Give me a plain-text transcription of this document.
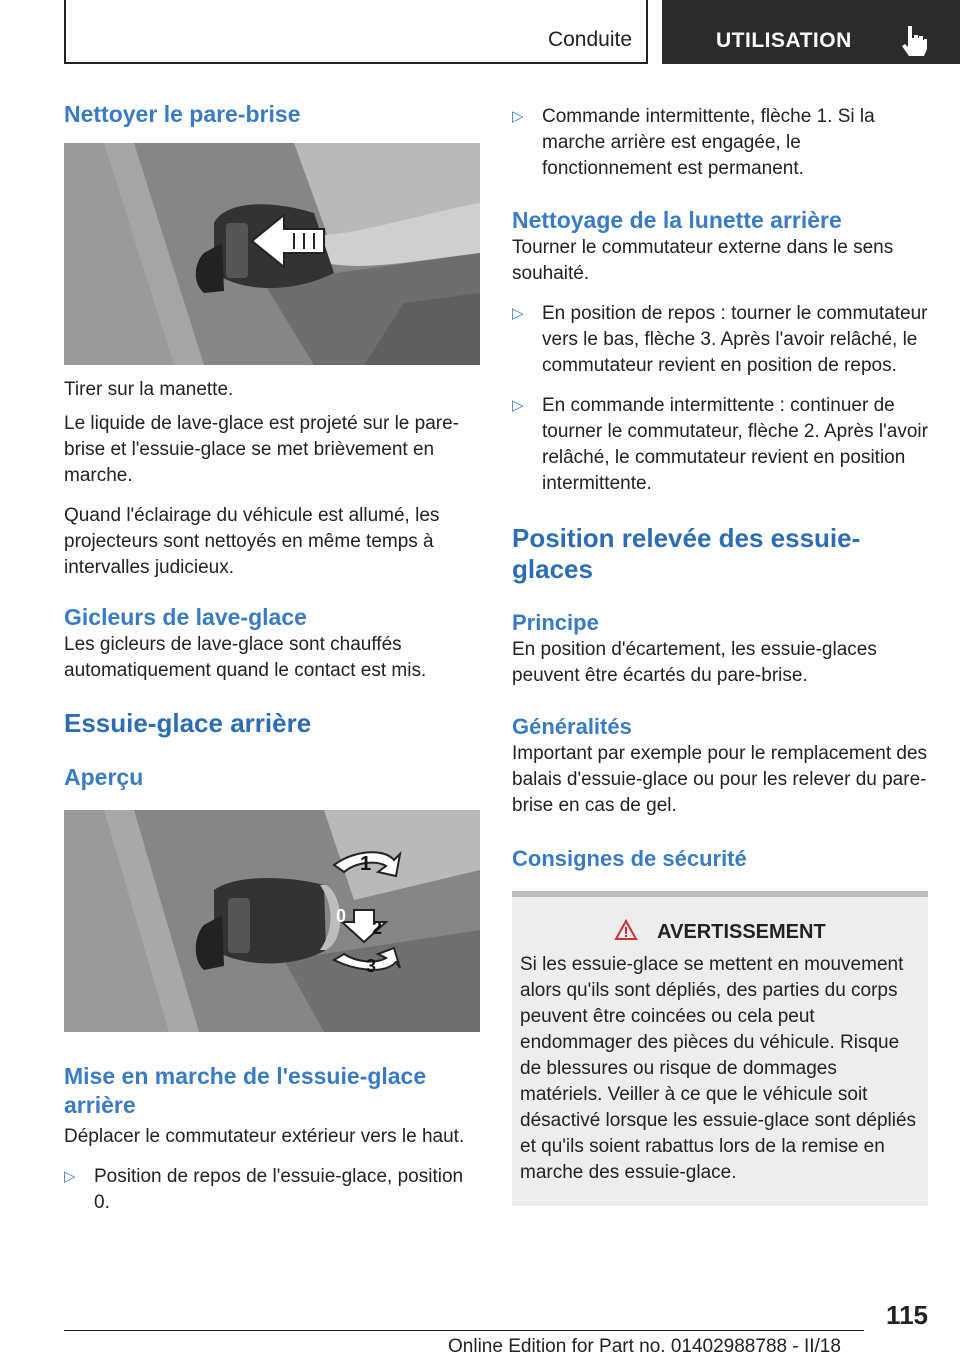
Conduite	UTILISATION
Nettoyer le pare-brise

Tirer sur la manette.

Le liquide de lave-glace est projeté sur le pare-brise et l'essuie-glace se met brièvement en marche.

Quand l'éclairage du véhicule est allumé, les projecteurs sont nettoyés en même temps à intervalles judicieux.

Gicleurs de lave-glace

Les gicleurs de lave-glace sont chauffés automatiquement quand le contact est mis.

Essuie-glace arrière
Aperçu
1
0
2
3
Mise en marche de l'essuie-glace arrière

Déplacer le commutateur extérieur vers le haut.

▷ Position de repos de l'essuie-glace, position 0.
▷ Commande intermittente, flèche 1. Si la marche arrière est engagée, le fonctionnement est permanent.
Nettoyage de la lunette arrière

Tourner le commutateur externe dans le sens souhaité.

▷ En position de repos : tourner le commutateur vers le bas, flèche 3. Après l'avoir relâché, le commutateur revient en position de repos.
▷ En commande intermittente : continuer de tourner le commutateur, flèche 2. Après l'avoir relâché, le commutateur revient en position intermittente.
Position relevée des essuie-glaces
Principe

En position d'écartement, les essuie-glaces peuvent être écartés du pare-brise.

Généralités

Important par exemple pour le remplacement des balais d'essuie-glace ou pour les relever du pare-brise en cas de gel.

Consignes de sécurité
AVERTISSEMENT

Si les essuie-glace se mettent en mouvement alors qu'ils sont dépliés, des parties du corps peuvent être coincées ou cela peut endommager des pièces du véhicule. Risque de blessures ou risque de dommages matériels. Veiller à ce que le véhicule soit désactivé lorsque les essuie-glace sont dépliés et qu'ils soient rabattus lors de la remise en marche des essuie-glace.

115
Online Edition for Part no. 01402988788 - II/18
